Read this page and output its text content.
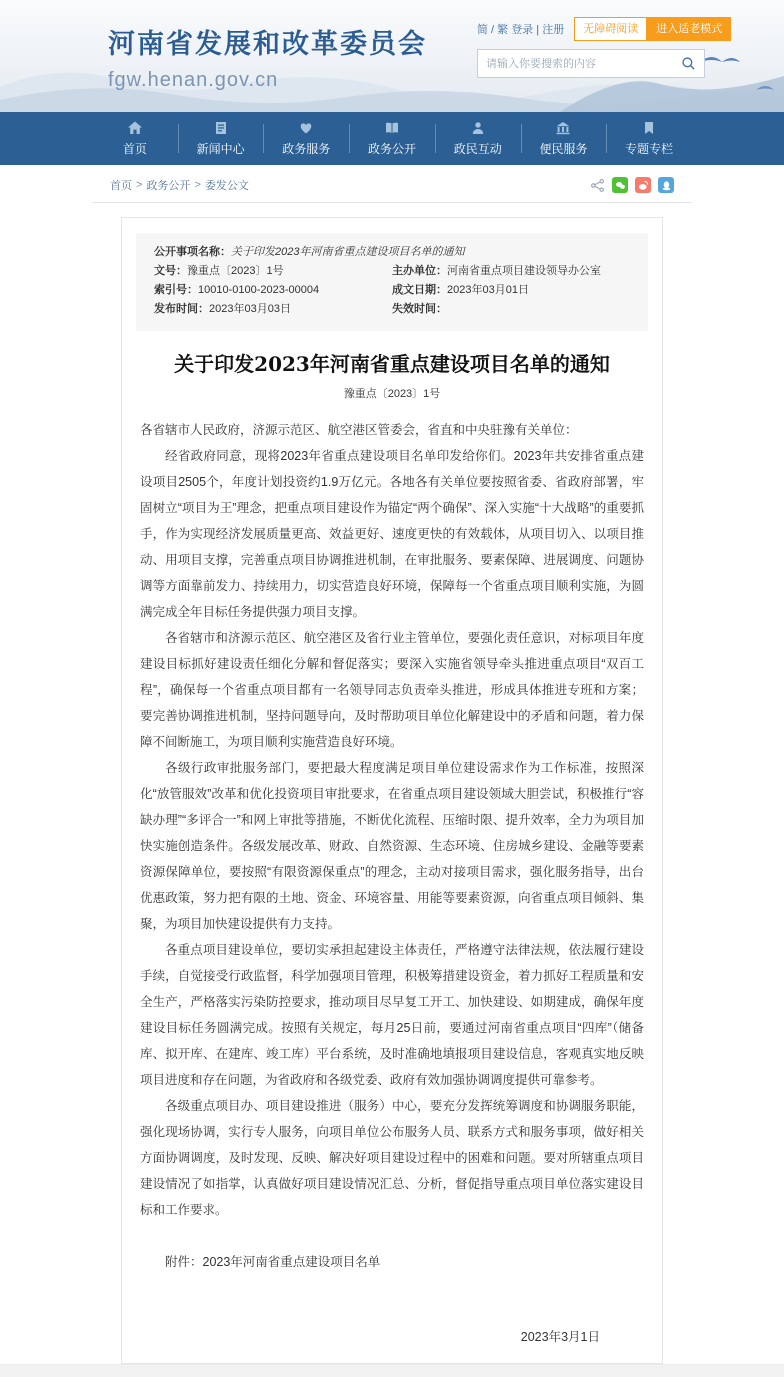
河南省发展和改革委员会
fgw.henan.gov.cn
简 / 繁 登录 | 注册	无障碍阅读	进入适老模式
请输入你要搜索的内容
首页	新闻中心	政务服务	政务公开	政民互动	便民服务	专题专栏
首页 > 政务公开 > 委发公文
公开事项名称： 关于印发2023年河南省重点建设项目名单的通知
文号： 豫重点〔2023〕1号	主办单位： 河南省重点项目建设领导办公室
索引号： 10010-0100-2023-00004	成文日期： 2023年03月01日
发布时间： 2023年03月03日	失效时间：
关于印发2023年河南省重点建设项目名单的通知
豫重点〔2023〕1号

各省辖市人民政府，济源示范区、航空港区管委会，省直和中央驻豫有关单位：

经省政府同意，现将2023年省重点建设项目名单印发给你们。2023年共安排省重点建设项目2505个，年度计划投资约1.9万亿元。各地各有关单位要按照省委、省政府部署，牢固树立“项目为王”理念，把重点项目建设作为锚定“两个确保”、深入实施“十大战略”的重要抓手，作为实现经济发展质量更高、效益更好、速度更快的有效载体，从项目切入、以项目推动、用项目支撑，完善重点项目协调推进机制，在审批服务、要素保障、进展调度、问题协调等方面靠前发力、持续用力，切实营造良好环境，保障每一个省重点项目顺利实施，为圆满完成全年目标任务提供强力项目支撑。

各省辖市和济源示范区、航空港区及省行业主管单位，要强化责任意识，对标项目年度建设目标抓好建设责任细化分解和督促落实；要深入实施省领导牵头推进重点项目“双百工程”，确保每一个省重点项目都有一名领导同志负责牵头推进，形成具体推进专班和方案；要完善协调推进机制，坚持问题导向，及时帮助项目单位化解建设中的矛盾和问题，着力保障不间断施工，为项目顺利实施营造良好环境。

各级行政审批服务部门，要把最大程度满足项目单位建设需求作为工作标准，按照深化“放管服效”改革和优化投资项目审批要求，在省重点项目建设领域大胆尝试，积极推行“容缺办理”“多评合一”和网上审批等措施，不断优化流程、压缩时限、提升效率，全力为项目加快实施创造条件。各级发展改革、财政、自然资源、生态环境、住房城乡建设、金融等要素资源保障单位，要按照“有限资源保重点”的理念，主动对接项目需求，强化服务指导，出台优惠政策，努力把有限的土地、资金、环境容量、用能等要素资源，向省重点项目倾斜、集聚，为项目加快建设提供有力支持。

各重点项目建设单位，要切实承担起建设主体责任，严格遵守法律法规，依法履行建设手续，自觉接受行政监督，科学加强项目管理，积极筹措建设资金，着力抓好工程质量和安全生产，严格落实污染防控要求，推动项目尽早复工开工、加快建设、如期建成，确保年度建设目标任务圆满完成。按照有关规定，每月25日前，要通过河南省重点项目“四库”（储备库、拟开库、在建库、竣工库）平台系统，及时准确地填报项目建设信息，客观真实地反映项目进度和存在问题，为省政府和各级党委、政府有效加强协调调度提供可靠参考。

各级重点项目办、项目建设推进（服务）中心，要充分发挥统筹调度和协调服务职能，强化现场协调，实行专人服务，向项目单位公布服务人员、联系方式和服务事项，做好相关方面协调调度，及时发现、反映、解决好项目建设过程中的困难和问题。要对所辖重点项目建设情况了如指掌，认真做好项目建设情况汇总、分析，督促指导重点项目单位落实建设目标和工作要求。

附件：2023年河南省重点建设项目名单

2023年3月1日
